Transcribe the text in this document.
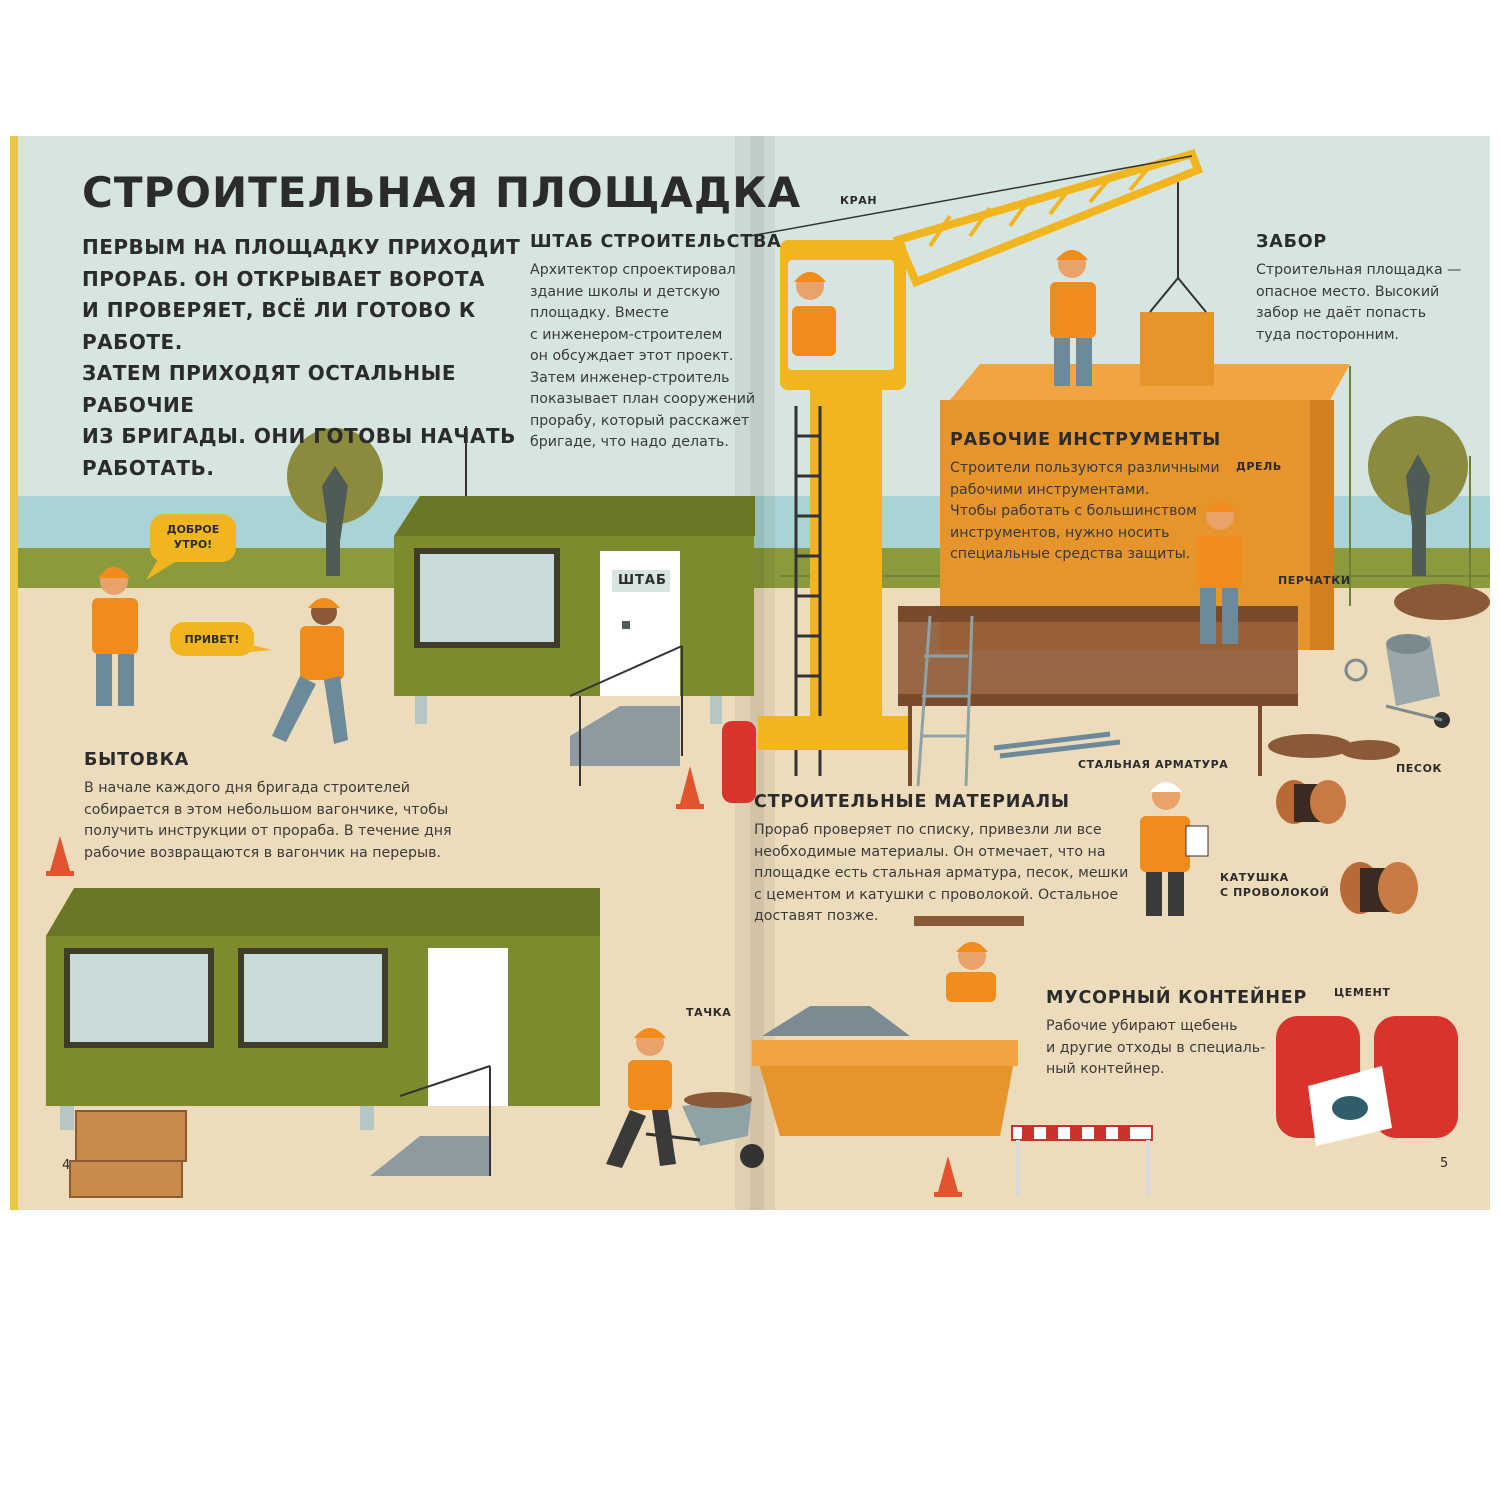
СТРОИТЕЛЬНАЯ ПЛОЩАДКА

ПЕРВЫМ НА ПЛОЩАДКУ ПРИХОДИТ

ПРОРАБ. ОН ОТКРЫВАЕТ ВОРОТА

И ПРОВЕРЯЕТ, ВСЁ ЛИ ГОТОВО К РАБОТЕ.

ЗАТЕМ ПРИХОДЯТ ОСТАЛЬНЫЕ РАБОЧИЕ

ИЗ БРИГАДЫ. ОНИ ГОТОВЫ НАЧАТЬ

РАБОТАТЬ.

ШТАБ СТРОИТЕЛЬСТВА

Архитектор спроектировал

здание школы и детскую

площадку. Вместе

с инженером-строителем

он обсуждает этот проект.

Затем инженер-строитель

показывает план сооружений

прорабу, который расскажет

бригаде, что надо делать.

ШТАБ
ДОБРОЕ
УТРО!
ПРИВЕТ!
БЫТОВКА

В начале каждого дня бригада строителей

собирается в этом небольшом вагончике, чтобы

получить инструкции от прораба. В течение дня

рабочие возвращаются в вагончик на перерыв.

ТАЧКА
4
КРАН
ЗАБОР

Строительная площадка —

опасное место. Высокий

забор не даёт попасть

туда посторонним.

РАБОЧИЕ ИНСТРУМЕНТЫ

Строители пользуются различными

рабочими инструментами.

Чтобы работать с большинством

инструментов, нужно носить

специальные средства защиты.

ДРЕЛЬ
ПЕРЧАТКИ
СТАЛЬНАЯ АРМАТУРА	ПЕСОК
СТРОИТЕЛЬНЫЕ МАТЕРИАЛЫ

Прораб проверяет по списку, привезли ли все

необходимые материалы. Он отмечает, что на

площадке есть стальная арматура, песок, мешки

с цементом и катушки с проволокой. Остальное

доставят позже.

КАТУШКА
С ПРОВОЛОКОЙ
МУСОРНЫЙ КОНТЕЙНЕР

Рабочие убирают щебень

и другие отходы в специаль-

ный контейнер.

ЦЕМЕНТ
5
